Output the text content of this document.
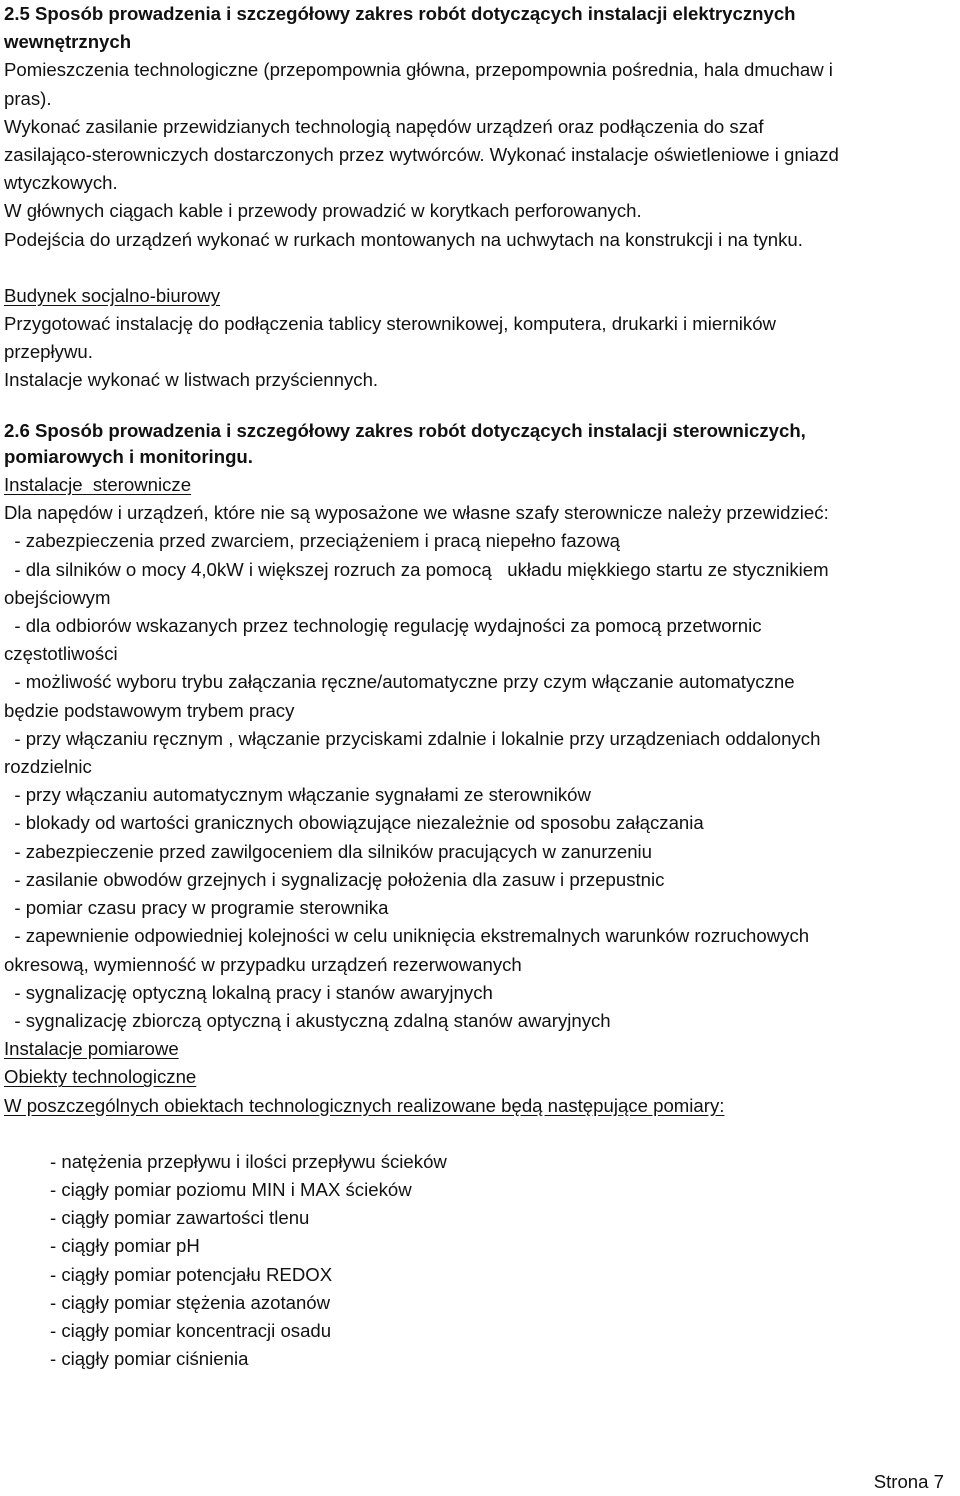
2.5 Sposób prowadzenia i szczegółowy zakres robót dotyczących instalacji elektrycznych
wewnętrznych
Pomieszczenia technologiczne (przepompownia główna, przepompownia pośrednia, hala dmuchaw i
pras).
Wykonać zasilanie przewidzianych technologią napędów urządzeń oraz podłączenia do szaf
zasilająco-sterowniczych dostarczonych przez wytwórców. Wykonać instalacje oświetleniowe i gniazd
wtyczkowych.
W głównych ciągach kable i przewody prowadzić w korytkach perforowanych.
Podejścia do urządzeń wykonać w rurkach montowanych na uchwytach na konstrukcji i na tynku.
Budynek socjalno-biurowy
Przygotować instalację do podłączenia tablicy sterownikowej, komputera, drukarki i mierników
przepływu.
Instalacje wykonać w listwach przyściennych.
2.6 Sposób prowadzenia i szczegółowy zakres robót dotyczących instalacji sterowniczych,
pomiarowych i monitoringu.
Instalacje  sterownicze
Dla napędów i urządzeń, które nie są wyposażone we własne szafy sterownicze należy przewidzieć:
- zabezpieczenia przed zwarciem, przeciążeniem i pracą niepełno fazową
- dla silników o mocy 4,0kW i większej rozruch za pomocą   układu miękkiego startu ze stycznikiem
obejściowym
- dla odbiorów wskazanych przez technologię regulację wydajności za pomocą przetwornic
częstotliwości
- możliwość wyboru trybu załączania ręczne/automatyczne przy czym włączanie automatyczne
będzie podstawowym trybem pracy
- przy włączaniu ręcznym , włączanie przyciskami zdalnie i lokalnie przy urządzeniach oddalonych
rozdzielnic
- przy włączaniu automatycznym włączanie sygnałami ze sterowników
- blokady od wartości granicznych obowiązujące niezależnie od sposobu załączania
- zabezpieczenie przed zawilgoceniem dla silników pracujących w zanurzeniu
- zasilanie obwodów grzejnych i sygnalizację położenia dla zasuw i przepustnic
- pomiar czasu pracy w programie sterownika
- zapewnienie odpowiedniej kolejności w celu uniknięcia ekstremalnych warunków rozruchowych
okresową, wymienność w przypadku urządzeń rezerwowanych
- sygnalizację optyczną lokalną pracy i stanów awaryjnych
- sygnalizację zbiorczą optyczną i akustyczną zdalną stanów awaryjnych
Instalacje pomiarowe
Obiekty technologiczne
W poszczególnych obiektach technologicznych realizowane będą następujące pomiary:
- natężenia przepływu i ilości przepływu ścieków
- ciągły pomiar poziomu MIN i MAX ścieków
- ciągły pomiar zawartości tlenu
- ciągły pomiar pH
- ciągły pomiar potencjału REDOX
- ciągły pomiar stężenia azotanów
- ciągły pomiar koncentracji osadu
- ciągły pomiar ciśnienia
Strona 7
